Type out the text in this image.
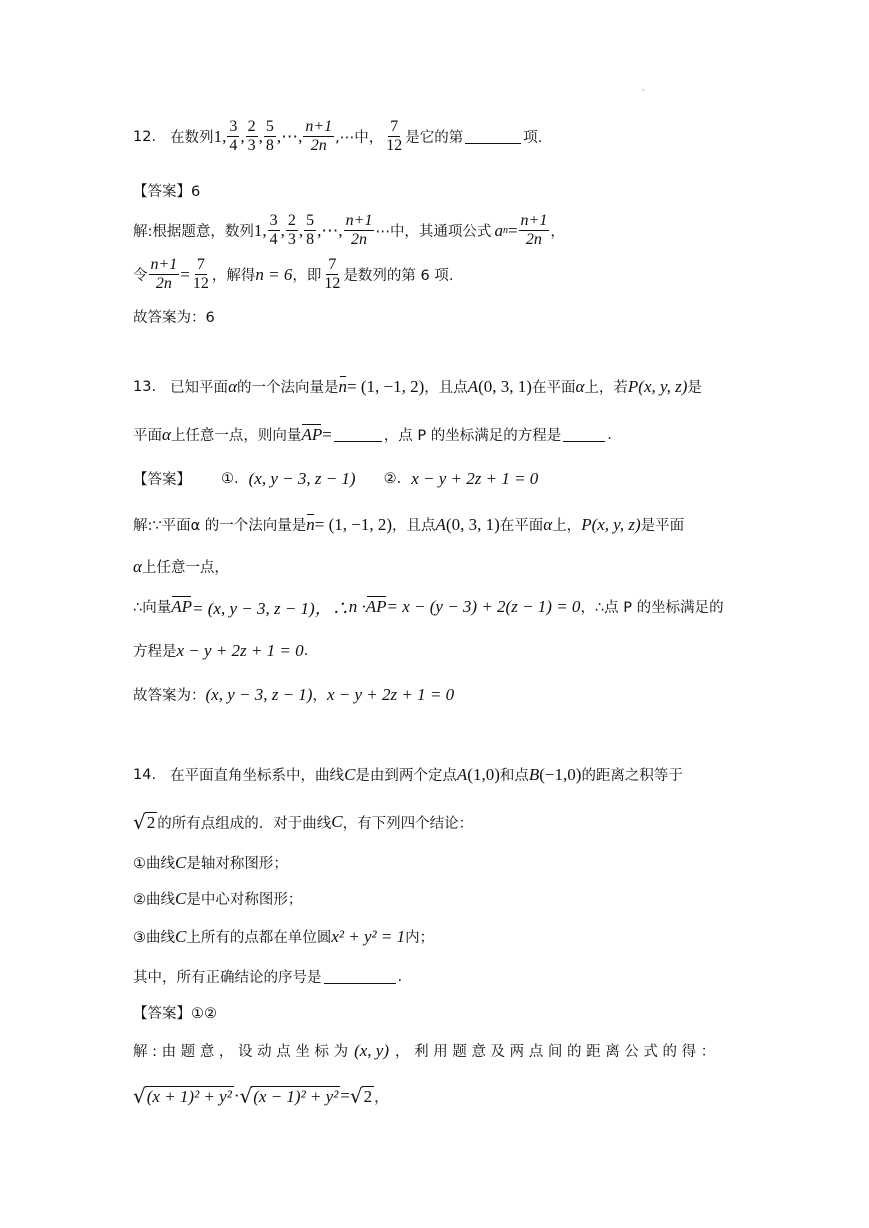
·
12. 在数列 1, $\frac{3}{4}$ , $\frac{2}{3}$ , $\frac{5}{8}$ ,⋯, $\frac{n+1}{2n}$ ,⋯中， $\frac{7}{12}$ 是它的第	项.
【答案】6
解:根据题意，数列 1, $\frac{3}{4}$ , $\frac{2}{3}$ , $\frac{5}{8}$ ,⋯, $\frac{n+1}{2n}$ ⋯中，其通项公式 a $n = \frac{n+1}{2n}$ ，
令 $\frac{n+1}{2n} = \frac{7}{12}$ ，解得 n = 6 ，即 $\frac{7}{12}$ 是数列的第 6 项.
故答案为：6
13. 已知平面 α 的一个法向量是 n = (1, −1, 2) ，且点 A (0, 3, 1) 在平面 α 上，若 P (x, y, z) 是
平面 α 上任意一点，则向量 AP =	，点 P 的坐标满足的方程是	.
【答案】 ①. (x, y − 3, z − 1) ②. x − y + 2z + 1 = 0
解:∵平面α 的一个法向量是 n = (1, −1, 2) ，且点 A (0, 3, 1) 在平面 α 上， P (x, y, z) 是平面
α 上任意一点，
∴向量 AP = (x, y − 3, z − 1)，∴ n · AP = x − (y − 3) + 2(z − 1) = 0 ，∴点 P 的坐标满足的
方程是 x − y + 2z + 1 = 0 .
故答案为： (x, y − 3, z − 1) ， x − y + 2z + 1 = 0
14. 在平面直角坐标系中，曲线 C 是由到两个定点 A (1,0) 和点 B (−1,0) 的距离之积等于
√ 2 的所有点组成的．对于曲线 C ，有下列四个结论：
①曲线 C 是轴对称图形；
②曲线 C 是中心对称图形；
③曲线 C 上所有的点都在单位圆 x² + y² = 1 内；
其中，所有正确结论的序号是	.
【答案】①②
解 : 由 题 意 ， 设 动 点 坐 标 为 (x, y) ， 利 用 题 意 及 两 点 间 的 距 离 公 式 的 得 ：
√ (x + 1)² + y² · √ (x − 1)² + y² = √ 2 ，
